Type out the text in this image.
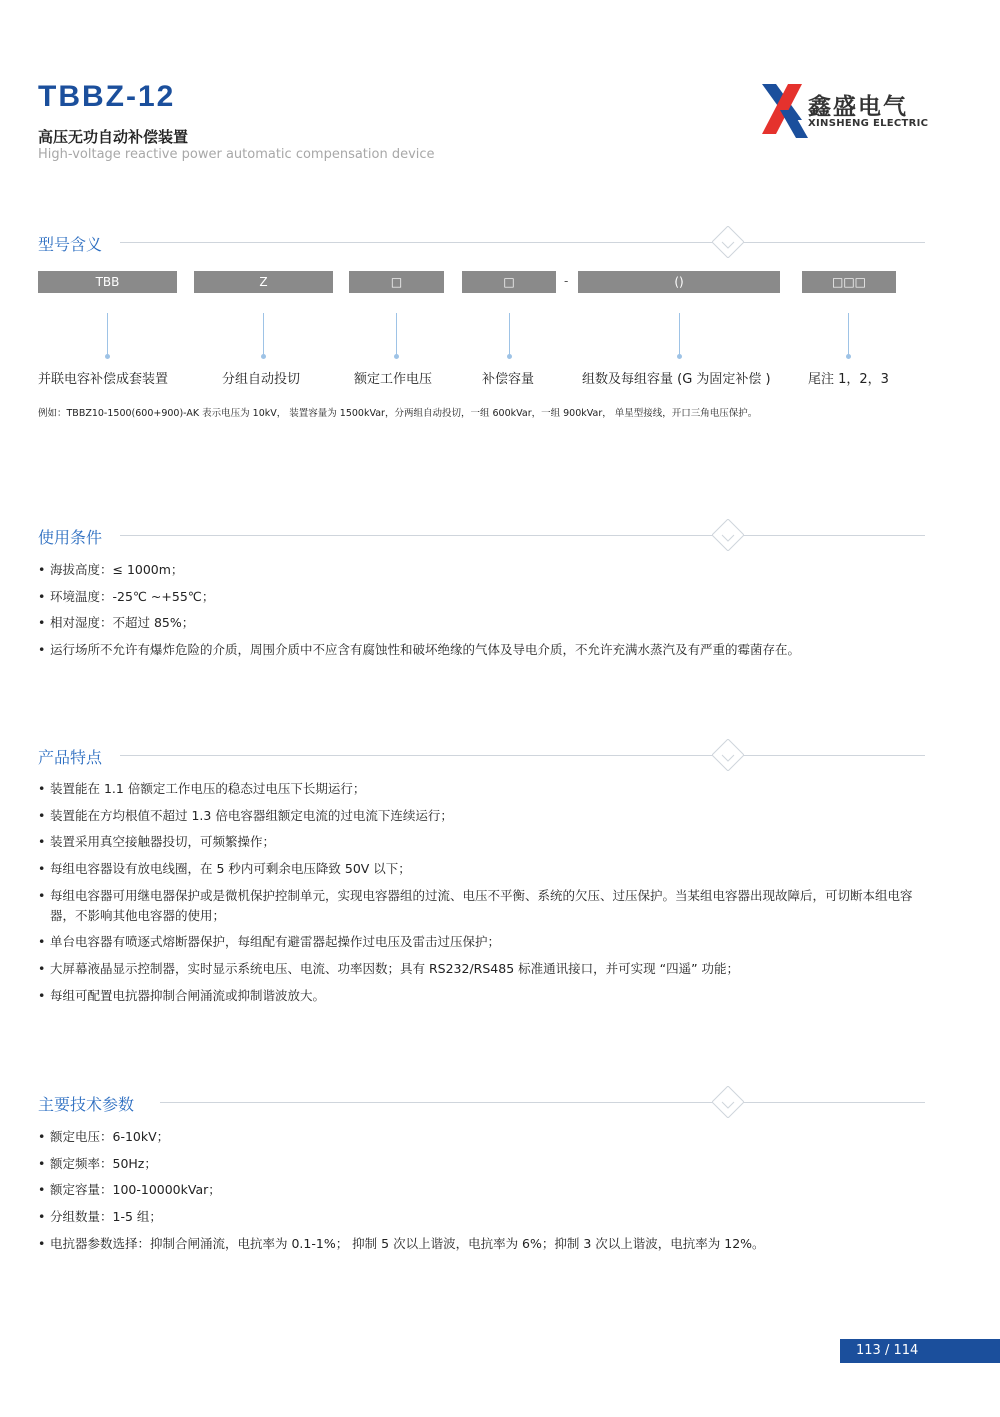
TBBZ-12
高压无功自动补偿装置
High-voltage reactive power automatic compensation device
鑫盛电气
XINSHENG ELECTRIC
型号含义
TBB	Z	□	□	-	()	□□□
并联电容补偿成套装置	分组自动投切	额定工作电压	补偿容量	组数及每组容量 (G 为固定补偿 )	尾注 1，2，3
例如：TBBZ10-1500(600+900)-AK 表示电压为 10kV， 装置容量为 1500kVar，分两组自动投切，一组 600kVar，一组 900kVar， 单星型接线，开口三角电压保护。
使用条件
• 海拔高度：≤ 1000m；
• 环境温度：-25℃ ~+55℃；
• 相对湿度：不超过 85%；
• 运行场所不允许有爆炸危险的介质，周围介质中不应含有腐蚀性和破坏绝缘的气体及导电介质，不允许充满水蒸汽及有严重的霉菌存在。
产品特点
• 装置能在 1.1 倍额定工作电压的稳态过电压下长期运行；
• 装置能在方均根值不超过 1.3 倍电容器组额定电流的过电流下连续运行；
• 装置采用真空接触器投切，可频繁操作；
• 每组电容器设有放电线圈，在 5 秒内可剩余电压降致 50V 以下；
• 每组电容器可用继电器保护或是微机保护控制单元，实现电容器组的过流、电压不平衡、系统的欠压、过压保护。当某组电容器出现故障后，可切断本组电容器，不影响其他电容器的使用；
• 单台电容器有喷逐式熔断器保护，每组配有避雷器起操作过电压及雷击过压保护；
• 大屏幕液晶显示控制器，实时显示系统电压、电流、功率因数；具有 RS232/RS485 标准通讯接口，并可实现 “四遥” 功能；
• 每组可配置电抗器抑制合闸涌流或抑制谐波放大。
主要技术参数
• 额定电压：6-10kV；
• 额定频率：50Hz；
• 额定容量：100-10000kVar；
• 分组数量：1-5 组；
• 电抗器参数选择：抑制合闸涌流，电抗率为 0.1-1%； 抑制 5 次以上谐波，电抗率为 6%；抑制 3 次以上谐波，电抗率为 12%。
113 / 114
